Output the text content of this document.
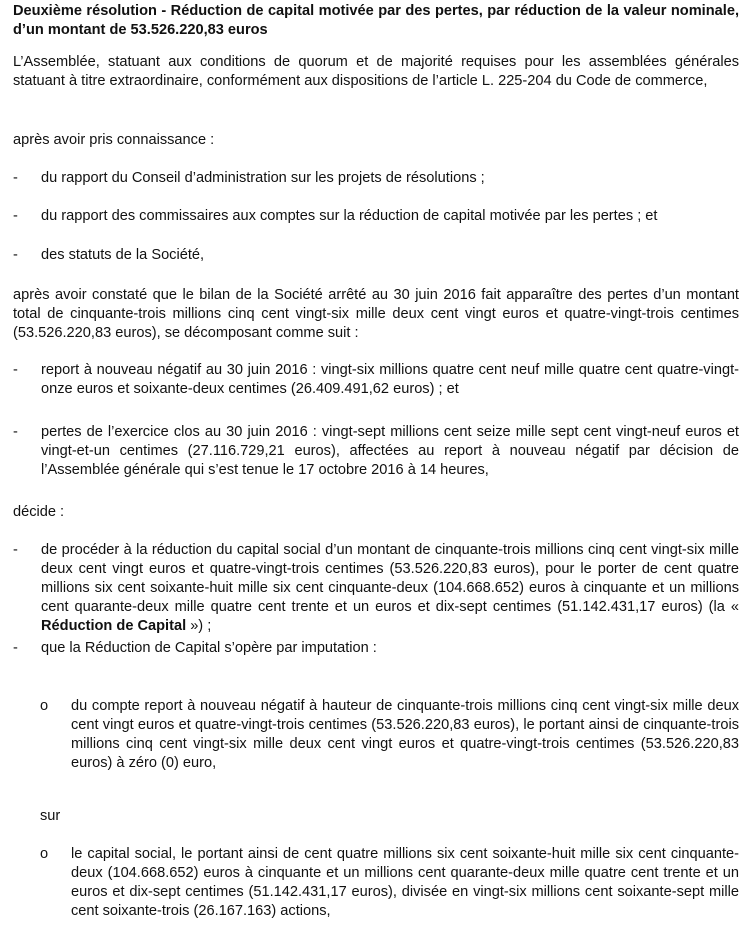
Deuxième résolution - Réduction de capital motivée par des pertes, par réduction de la valeur nominale, d’un montant de 53.526.220,83 euros

L’Assemblée, statuant aux conditions de quorum et de majorité requises pour les assemblées générales statuant à titre extraordinaire, conformément aux dispositions de l’article L. 225-204 du Code de commerce,

après avoir pris connaissance :

-	du rapport du Conseil d’administration sur les projets de résolutions ;

-	du rapport des commissaires aux comptes sur la réduction de capital motivée par les pertes ; et

-	des statuts de la Société,

après avoir constaté que le bilan de la Société arrêté au 30 juin 2016 fait apparaître des pertes d’un montant total de cinquante-trois millions cinq cent vingt-six mille deux cent vingt euros et quatre-vingt-trois centimes (53.526.220,83 euros), se décomposant comme suit :

-	report à nouveau négatif au 30 juin 2016 : vingt-six millions quatre cent neuf mille quatre cent quatre-vingt-onze euros et soixante-deux centimes (26.409.491,62 euros) ; et

-	pertes de l’exercice clos au 30 juin 2016 : vingt-sept millions cent seize mille sept cent vingt-neuf euros et vingt-et-un centimes (27.116.729,21 euros), affectées au report à nouveau négatif par décision de l’Assemblée générale qui s’est tenue le 17 octobre 2016 à 14 heures,

décide :

-	de procéder à la réduction du capital social d’un montant de cinquante-trois millions cinq cent vingt-six mille deux cent vingt euros et quatre-vingt-trois centimes (53.526.220,83 euros), pour le porter de cent quatre millions six cent soixante-huit mille six cent cinquante-deux (104.668.652) euros à cinquante et un millions cent quarante-deux mille quatre cent trente et un euros et dix-sept centimes (51.142.431,17 euros) (la « Réduction de Capital ») ;

-	que la Réduction de Capital s’opère par imputation :

o du compte report à nouveau négatif à hauteur de cinquante-trois millions cinq cent vingt-six mille deux cent vingt euros et quatre-vingt-trois centimes (53.526.220,83 euros), le portant ainsi de cinquante-trois millions cinq cent vingt-six mille deux cent vingt euros et quatre-vingt-trois centimes (53.526.220,83 euros) à zéro (0) euro,

sur

o le capital social, le portant ainsi de cent quatre millions six cent soixante-huit mille six cent cinquante-deux (104.668.652) euros à cinquante et un millions cent quarante-deux mille quatre cent trente et un euros et dix-sept centimes (51.142.431,17 euros), divisée en vingt-six millions cent soixante-sept mille cent soixante-trois (26.167.163) actions,
